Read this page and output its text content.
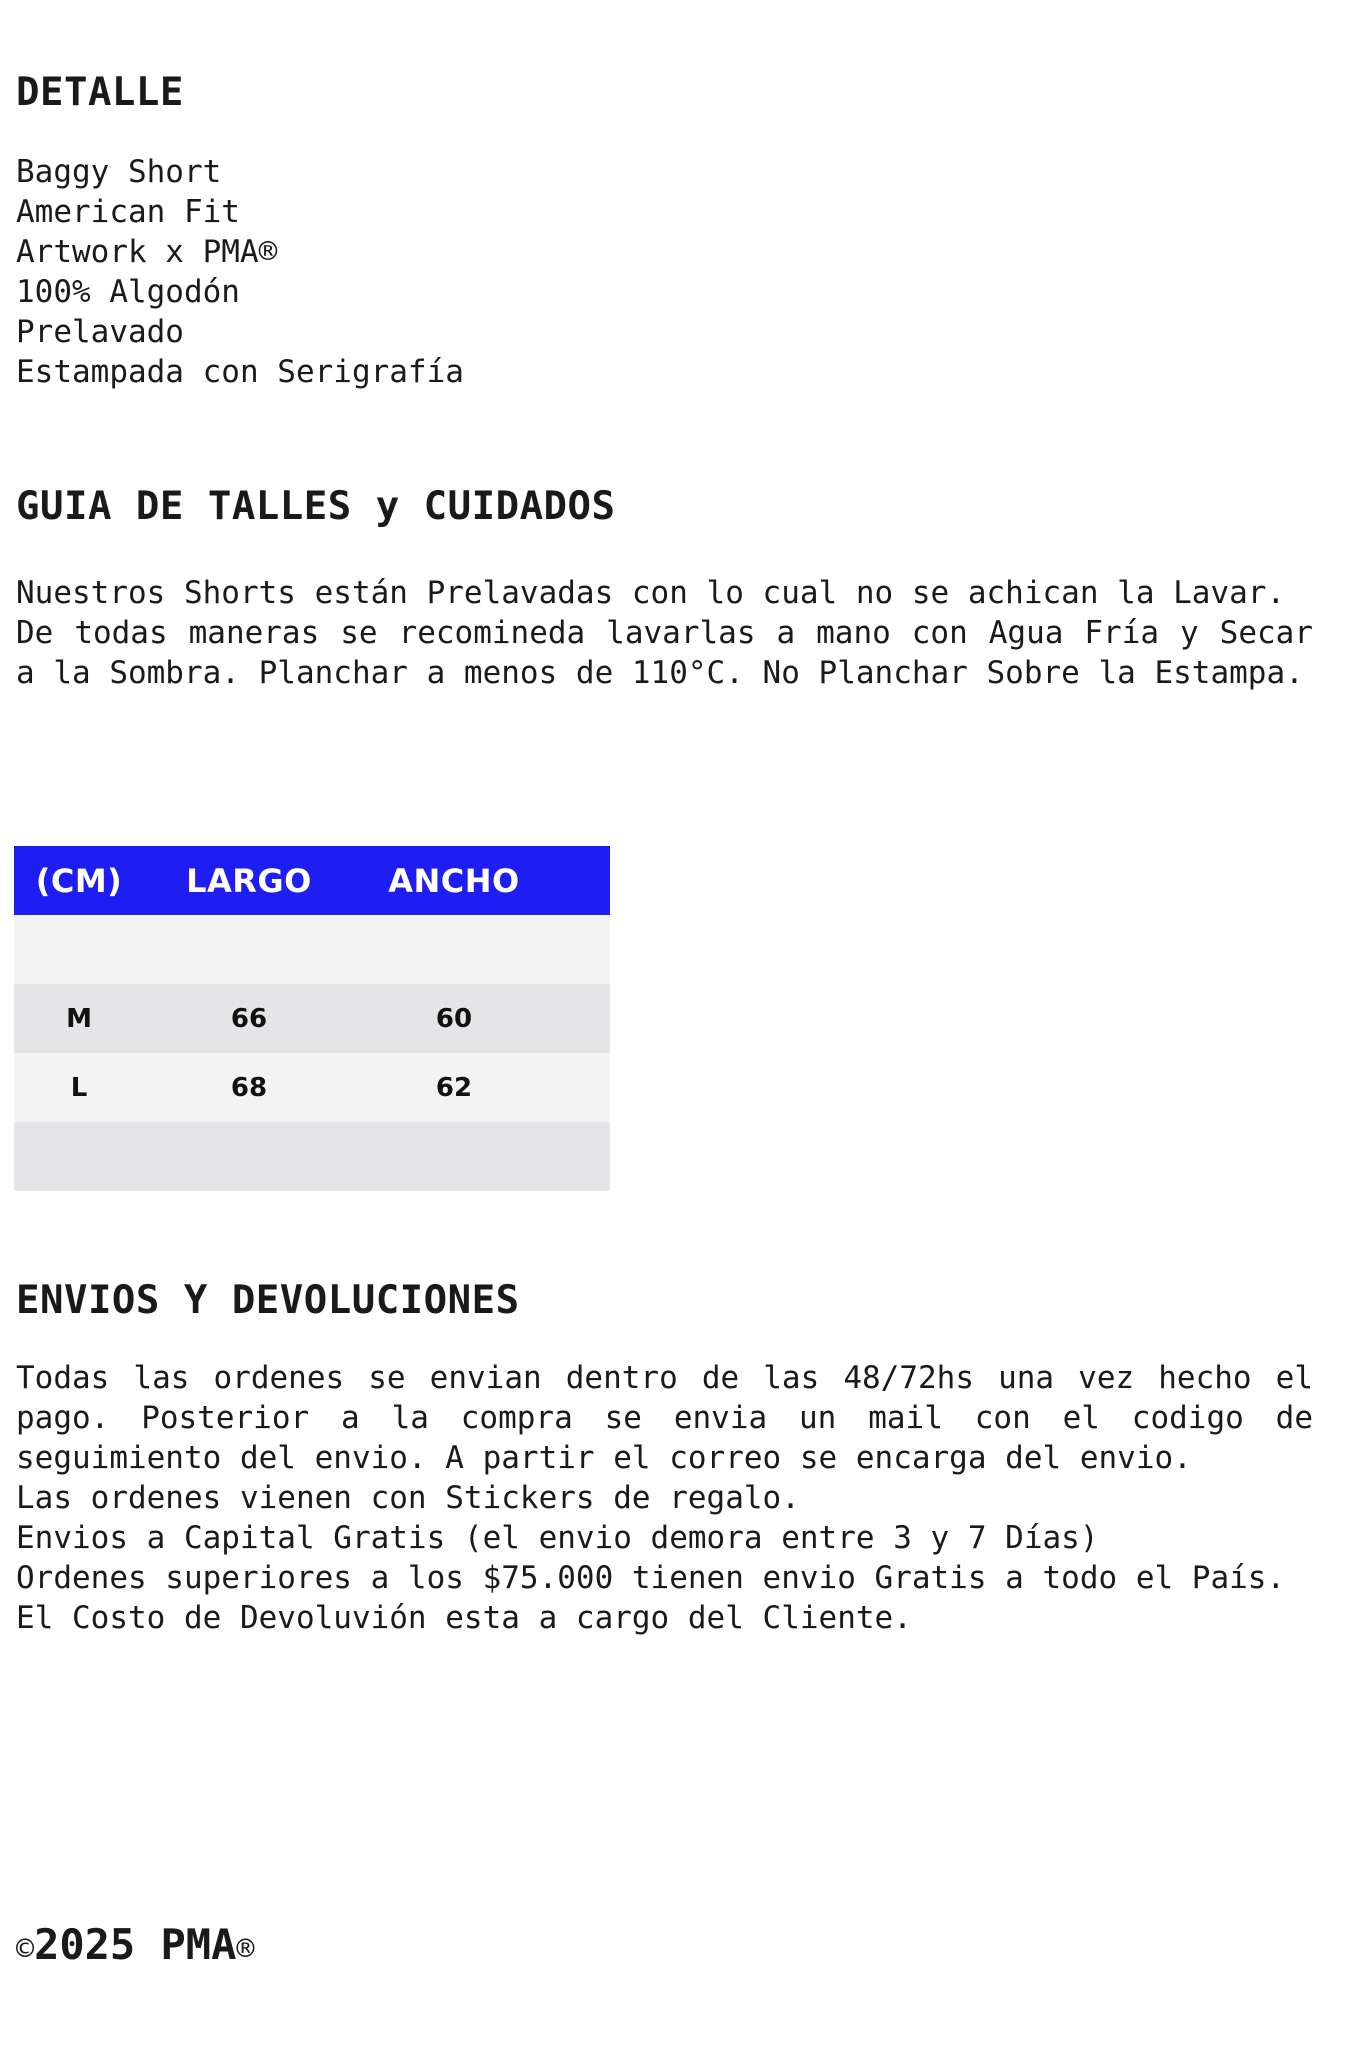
DETALLE
Baggy Short
American Fit
Artwork x PMA®
100% Algodón
Prelavado
Estampada con Serigrafía
GUIA DE TALLES y CUIDADOS

Nuestros Shorts están Prelavadas con lo cual no se achican la Lavar.

De todas maneras se recomineda lavarlas a mano con Agua Fría y Secar a la Sombra. Planchar a menos de 110°C. No Planchar Sobre la Estampa.

(CM)	LARGO	ANCHO	

M	66	60	
L	68	62	

ENVIOS Y DEVOLUCIONES

Todas las ordenes se envian dentro de las 48/72hs una vez hecho el pago. Posterior a la compra se envia un mail con el codigo de seguimiento del envio. A partir el correo se encarga del envio.

Las ordenes vienen con Stickers de regalo.

Envios a Capital Gratis (el envio demora entre 3 y 7 Días)

Ordenes superiores a los $75.000 tienen envio Gratis a todo el País.

El Costo de Devoluvión esta a cargo del Cliente.

©2025 PMA®
